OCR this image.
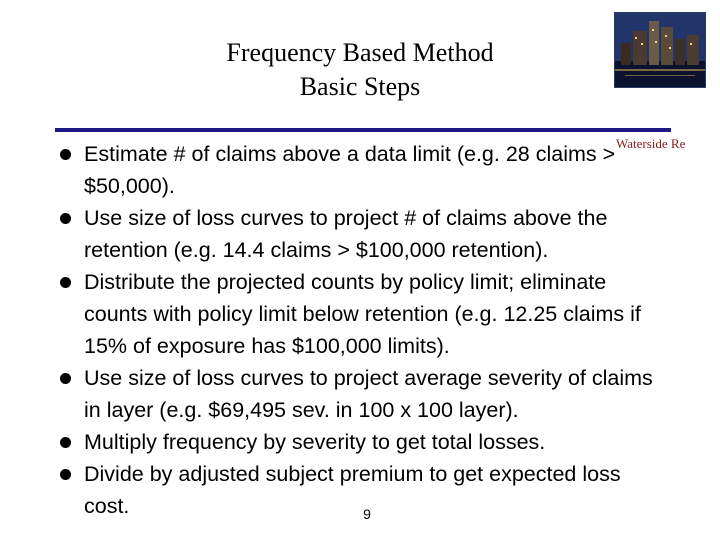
Frequency Based Method
Basic Steps
Waterside Re
Estimate # of claims above a data limit (e.g. 28 claims > $50,000).
Use size of loss curves to project # of claims above the retention (e.g. 14.4 claims > $100,000 retention).
Distribute the projected counts by policy limit; eliminate counts with policy limit below retention (e.g. 12.25 claims if 15% of exposure has $100,000 limits).
Use size of loss curves to project average severity of claims in layer (e.g. $69,495 sev. in 100 x 100 layer).
Multiply frequency by severity to get total losses.
Divide by adjusted subject premium to get expected loss cost.	9
